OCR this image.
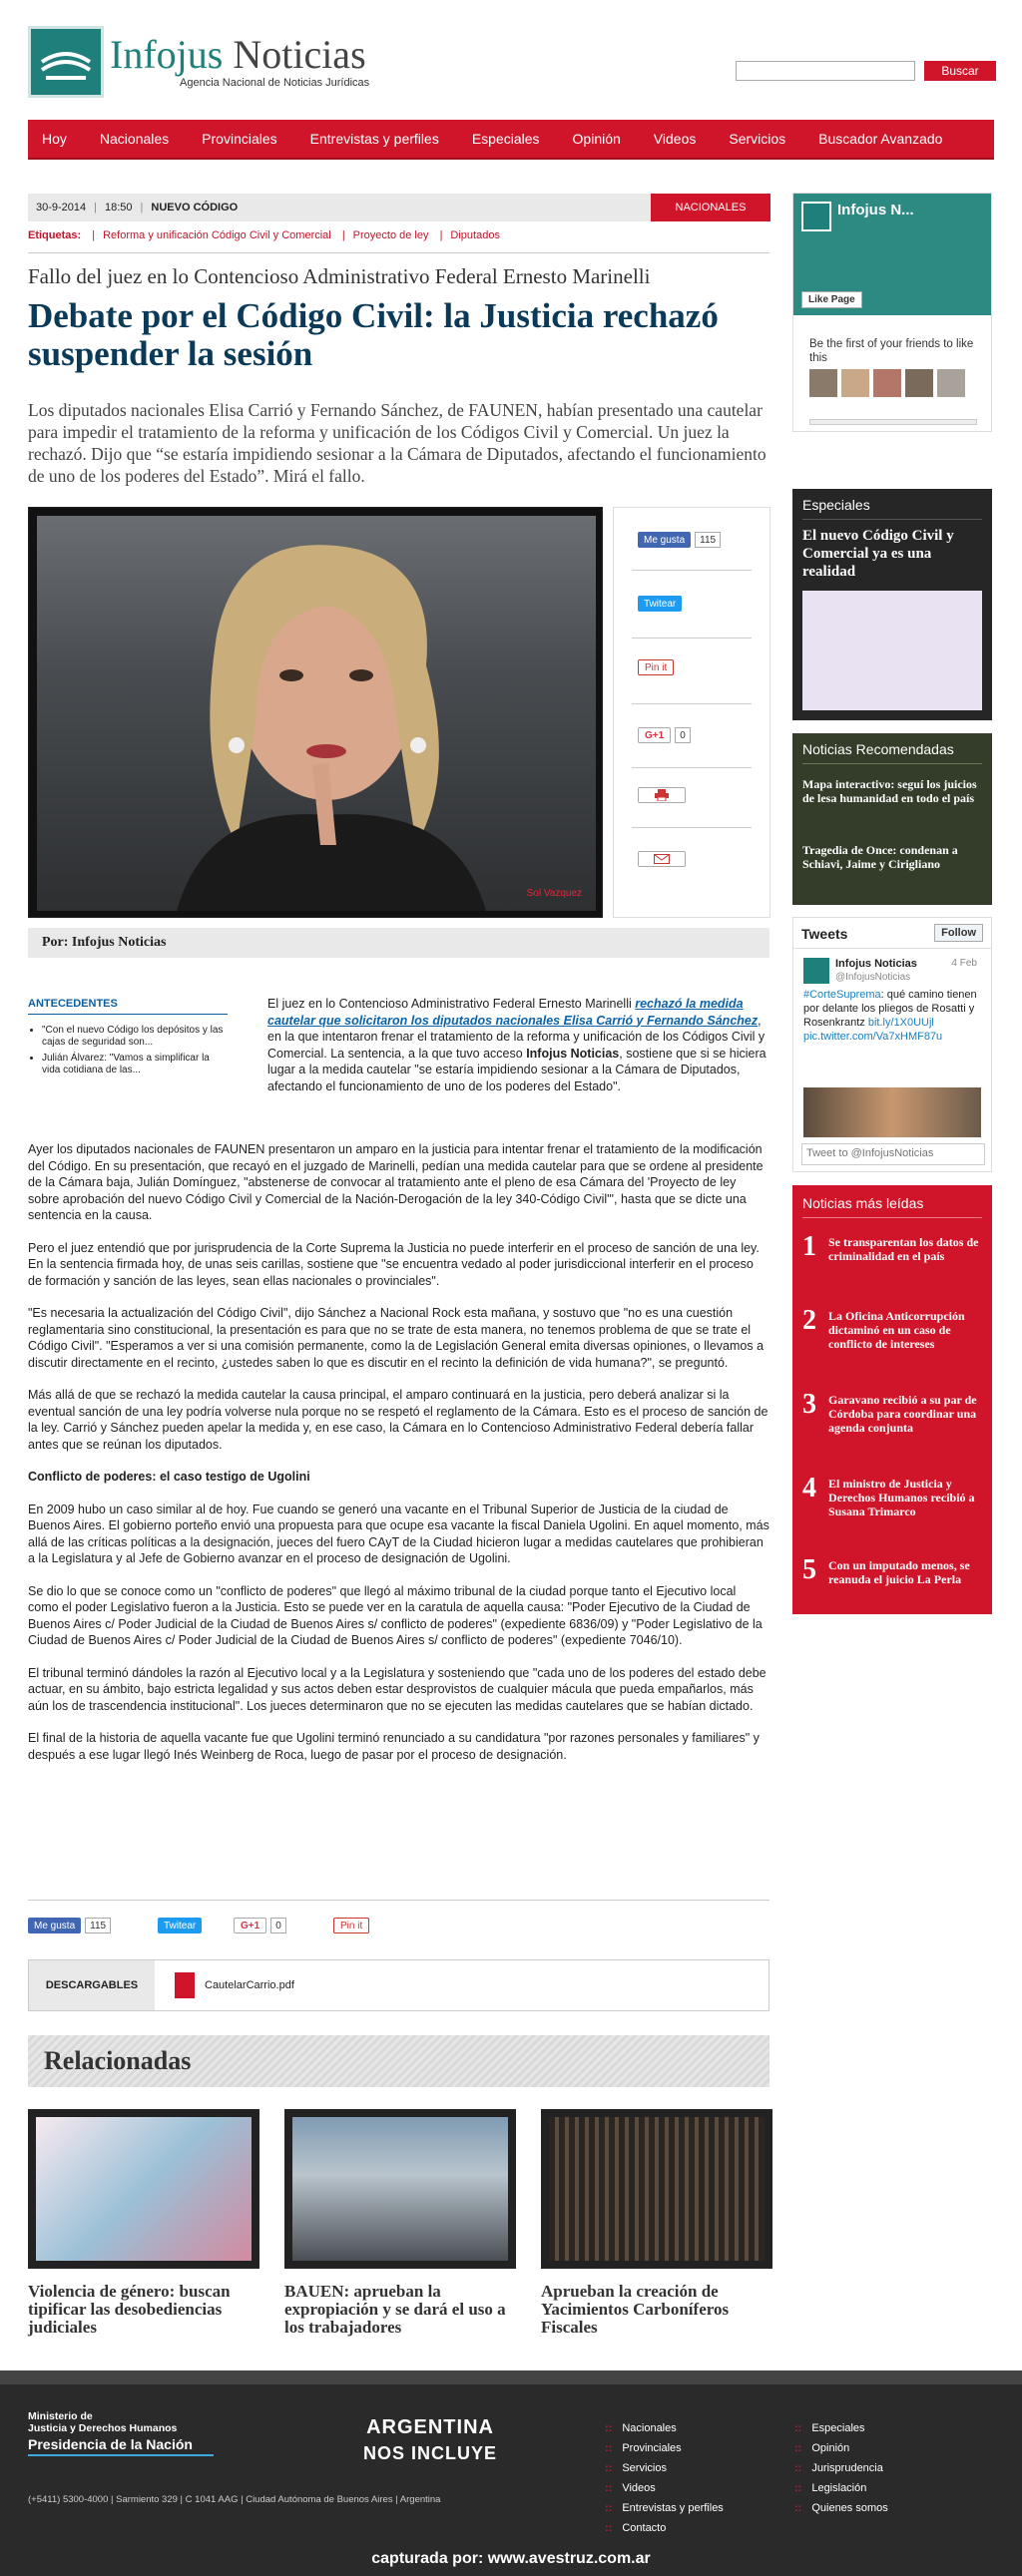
Infojus Noticias
Agencia Nacional de Noticias Jurídicas
Buscar
Hoy Nacionales Provinciales Entrevistas y perfiles Especiales Opinión Videos Servicios Buscador Avanzado
30-9-2014 | 18:50 | NUEVO CÓDIGO	NACIONALES
Etiquetas: | Reforma y unificación Código Civil y Comercial | Proyecto de ley | Diputados
Fallo del juez en lo Contencioso Administrativo Federal Ernesto Marinelli
Debate por el Código Civil: la Justicia rechazó suspender la sesión
Los diputados nacionales Elisa Carrió y Fernando Sánchez, de FAUNEN, habían presentado una cautelar para impedir el tratamiento de la reforma y unificación de los Códigos Civil y Comercial. Un juez la rechazó. Dijo que “se estaría impidiendo sesionar a la Cámara de Diputados, afectando el funcionamiento de uno de los poderes del Estado”. Mirá el fallo.
Sol Vazquez
Me gusta	115
Twitear
Pin it
G+1	0
Por: Infojus Noticias
ANTECEDENTES
• "Con el nuevo Código los depósitos y las cajas de seguridad son...
• Julián Álvarez: "Vamos a simplificar la vida cotidiana de las...
El juez en lo Contencioso Administrativo Federal Ernesto Marinelli rechazó la medida cautelar que solicitaron los diputados nacionales Elisa Carrió y Fernando Sánchez, en la que intentaron frenar el tratamiento de la reforma y unificación de los Códigos Civil y Comercial. La sentencia, a la que tuvo acceso Infojus Noticias, sostiene que si se hiciera lugar a la medida cautelar "se estaría impidiendo sesionar a la Cámara de Diputados, afectando el funcionamiento de uno de los poderes del Estado".

Ayer los diputados nacionales de FAUNEN presentaron un amparo en la justicia para intentar frenar el tratamiento de la modificación del Código. En su presentación, que recayó en el juzgado de Marinelli, pedían una medida cautelar para que se ordene al presidente de la Cámara baja, Julián Domínguez, "abstenerse de convocar al tratamiento ante el pleno de esa Cámara del 'Proyecto de ley sobre aprobación del nuevo Código Civil y Comercial de la Nación-Derogación de la ley 340-Código Civil'", hasta que se dicte una sentencia en la causa.

Pero el juez entendió que por jurisprudencia de la Corte Suprema la Justicia no puede interferir en el proceso de sanción de una ley. En la sentencia firmada hoy, de unas seis carillas, sostiene que "se encuentra vedado al poder jurisdiccional interferir en el proceso de formación y sanción de las leyes, sean ellas nacionales o provinciales".

"Es necesaria la actualización del Código Civil", dijo Sánchez a Nacional Rock esta mañana, y sostuvo que "no es una cuestión reglamentaria sino constitucional, la presentación es para que no se trate de esta manera, no tenemos problema de que se trate el Código Civil". "Esperamos a ver si una comisión permanente, como la de Legislación General emita diversas opiniones, o llevamos a discutir directamente en el recinto, ¿ustedes saben lo que es discutir en el recinto la definición de vida humana?", se preguntó.

Más allá de que se rechazó la medida cautelar la causa principal, el amparo continuará en la justicia, pero deberá analizar si la eventual sanción de una ley podría volverse nula porque no se respetó el reglamento de la Cámara. Esto es el proceso de sanción de la ley. Carrió y Sánchez pueden apelar la medida y, en ese caso, la Cámara en lo Contencioso Administrativo Federal debería fallar antes que se reúnan los diputados.

Conflicto de poderes: el caso testigo de Ugolini

En 2009 hubo un caso similar al de hoy. Fue cuando se generó una vacante en el Tribunal Superior de Justicia de la ciudad de Buenos Aires. El gobierno porteño envió una propuesta para que ocupe esa vacante la fiscal Daniela Ugolini. En aquel momento, más allá de las críticas políticas a la designación, jueces del fuero CAyT de la Ciudad hicieron lugar a medidas cautelares que prohibieran a la Legislatura y al Jefe de Gobierno avanzar en el proceso de designación de Ugolini.

Se dio lo que se conoce como un "conflicto de poderes" que llegó al máximo tribunal de la ciudad porque tanto el Ejecutivo local como el poder Legislativo fueron a la Justicia. Esto se puede ver en la caratula de aquella causa: "Poder Ejecutivo de la Ciudad de Buenos Aires c/ Poder Judicial de la Ciudad de Buenos Aires s/ conflicto de poderes" (expediente 6836/09) y "Poder Legislativo de la Ciudad de Buenos Aires c/ Poder Judicial de la Ciudad de Buenos Aires s/ conflicto de poderes" (expediente 7046/10).

El tribunal terminó dándoles la razón al Ejecutivo local y a la Legislatura y sosteniendo que "cada uno de los poderes del estado debe actuar, en su ámbito, bajo estricta legalidad y sus actos deben estar desprovistos de cualquier mácula que pueda empañarlos, más aún los de trascendencia institucional". Los jueces determinaron que no se ejecuten las medidas cautelares que se habían dictado.

El final de la historia de aquella vacante fue que Ugolini terminó renunciado a su candidatura "por razones personales y familiares" y después a ese lugar llegó Inés Weinberg de Roca, luego de pasar por el proceso de designación.

Me gusta	115	Twitear	G+1	0	Pin it
DESCARGABLES	CautelarCarrio.pdf
Relacionadas
Violencia de género: buscan tipificar las desobediencias judiciales
BAUEN: aprueban la expropiación y se dará el uso a los trabajadores
Aprueban la creación de Yacimientos Carboníferos Fiscales
Infojus N...
Like Page
Be the first of your friends to like this
Especiales
El nuevo Código Civil y Comercial ya es una realidad
Noticias Recomendadas
Mapa interactivo: seguí los juicios de lesa humanidad en todo el país
Tragedia de Once: condenan a Schiavi, Jaime y Cirigliano
Tweets	Follow
Infojus Noticias
@InfojusNoticias
4 Feb
#CorteSuprema: qué camino tienen por delante los pliegos de Rosatti y Rosenkrantz bit.ly/1X0UUjl pic.twitter.com/Va7xHMF87u
Tweet to @InfojusNoticias
Noticias más leídas
1 Se transparentan los datos de criminalidad en el país
2 La Oficina Anticorrupción dictaminó en un caso de conflicto de intereses
3 Garavano recibió a su par de Córdoba para coordinar una agenda conjunta
4 El ministro de Justicia y Derechos Humanos recibió a Susana Trimarco
5 Con un imputado menos, se reanuda el juicio La Perla
Ministerio de
Justicia y Derechos Humanos
Presidencia de la Nación
(+5411) 5300-4000 | Sarmiento 329 | C 1041 AAG | Ciudad Autónoma de Buenos Aires | Argentina
ARGENTINA
NOS INCLUYE
:: Nacionales
:: Provinciales
:: Servicios
:: Videos
:: Entrevistas y perfiles
:: Contacto
:: Especiales
:: Opinión
:: Jurisprudencia
:: Legislación
:: Quienes somos
capturada por: www.avestruz.com.ar
